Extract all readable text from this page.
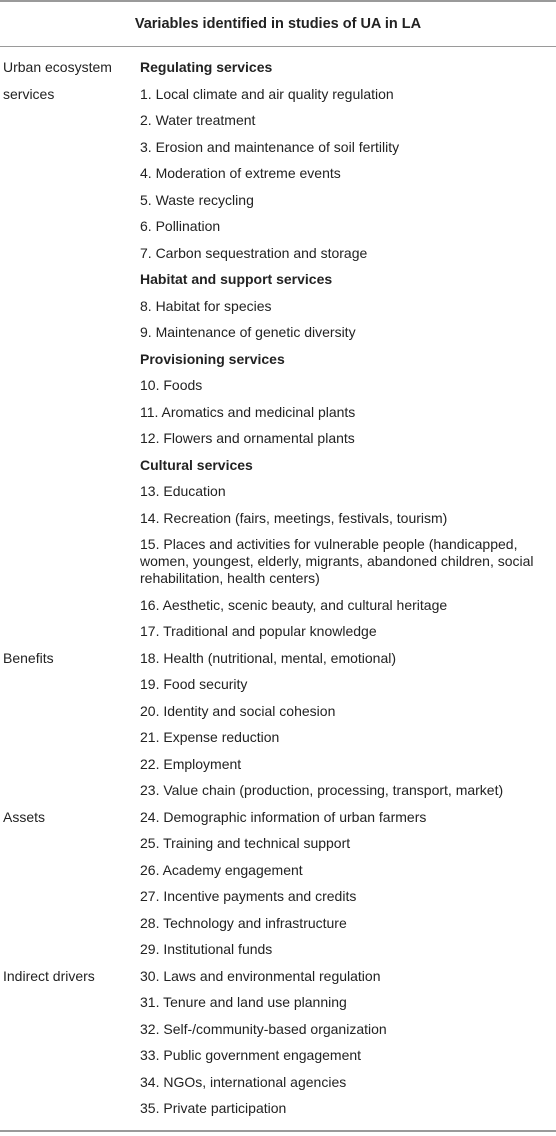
Variables identified in studies of UA in LA
Urban ecosystem	Regulating services
services	1. Local climate and air quality regulation
2. Water treatment
3. Erosion and maintenance of soil fertility
4. Moderation of extreme events
5. Waste recycling
6. Pollination
7. Carbon sequestration and storage
Habitat and support services
8. Habitat for species
9. Maintenance of genetic diversity
Provisioning services
10. Foods
11. Aromatics and medicinal plants
12. Flowers and ornamental plants
Cultural services
13. Education
14. Recreation (fairs, meetings, festivals, tourism)
15. Places and activities for vulnerable people (handicapped, women, youngest, elderly, migrants, abandoned children, social rehabilitation, health centers)
16. Aesthetic, scenic beauty, and cultural heritage
17. Traditional and popular knowledge
Benefits	18. Health (nutritional, mental, emotional)
19. Food security
20. Identity and social cohesion
21. Expense reduction
22. Employment
23. Value chain (production, processing, transport, market)
Assets	24. Demographic information of urban farmers
25. Training and technical support
26. Academy engagement
27. Incentive payments and credits
28. Technology and infrastructure
29. Institutional funds
Indirect drivers	30. Laws and environmental regulation
31. Tenure and land use planning
32. Self-/community-based organization
33. Public government engagement
34. NGOs, international agencies
35. Private participation
